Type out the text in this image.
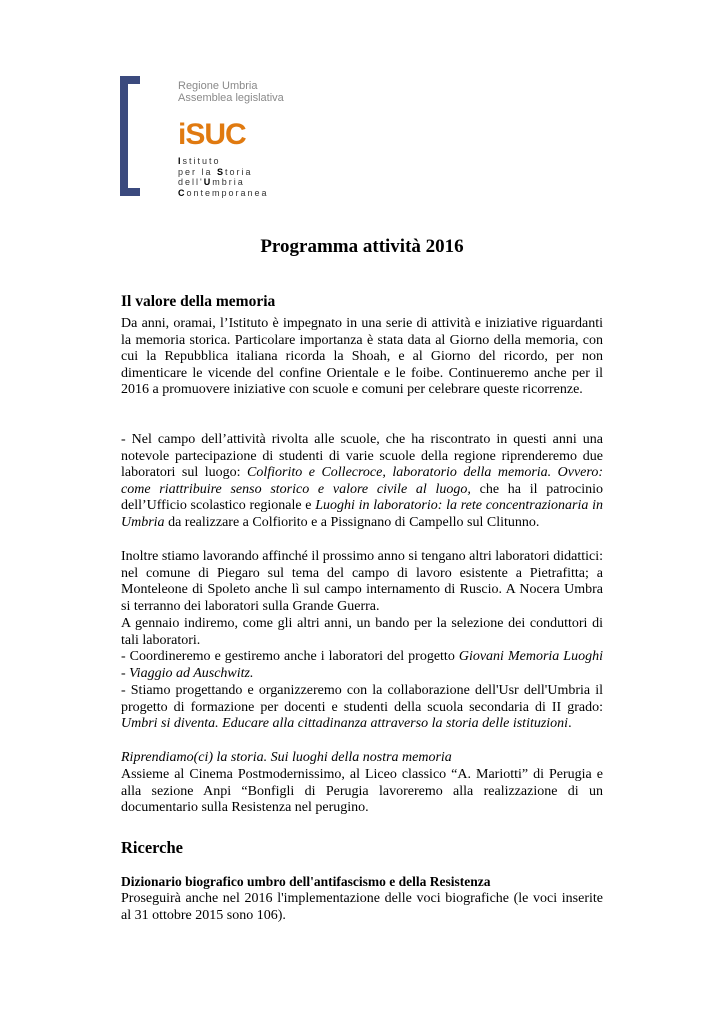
Regione Umbria
Assemblea legislativa
iSUC
Istituto
per la Storia
dell'Umbria
Contemporanea
Programma attività 2016
Il valore della memoria

Da anni, oramai, l’Istituto è impegnato in una serie di attività e iniziative riguardanti la memoria storica. Particolare importanza è stata data al Giorno della memoria, con cui la Repubblica italiana ricorda la Shoah, e al Giorno del ricordo, per non dimenticare le vicende del confine Orientale e le foibe. Continueremo anche per il 2016 a promuovere iniziative con scuole e comuni per celebrare queste ricorrenze.

- Nel campo dell’attività rivolta alle scuole, che ha riscontrato in questi anni una notevole partecipazione di studenti di varie scuole della regione riprenderemo due laboratori sul luogo: Colfiorito e Collecroce, laboratorio della memoria. Ovvero: come riattribuire senso storico e valore civile al luogo, che ha il patrocinio dell’Ufficio scolastico regionale e Luoghi in laboratorio: la rete concentrazionaria in Umbria da realizzare a Colfiorito e a Pissignano di Campello sul Clitunno.

Inoltre stiamo lavorando affinché il prossimo anno si tengano altri laboratori didattici: nel comune di Piegaro sul tema del campo di lavoro esistente a Pietrafitta; a Monteleone di Spoleto anche lì sul campo internamento di Ruscio. A Nocera Umbra si terranno dei laboratori sulla Grande Guerra.

A gennaio indiremo, come gli altri anni, un bando per la selezione dei conduttori di tali laboratori.

- Coordineremo e gestiremo anche i laboratori del progetto Giovani Memoria Luoghi - Viaggio ad Auschwitz.

- Stiamo progettando e organizzeremo con la collaborazione dell'Usr dell'Umbria il progetto di formazione per docenti e studenti della scuola secondaria di II grado: Umbri si diventa. Educare alla cittadinanza attraverso la storia delle istituzioni.

Riprendiamo(ci) la storia. Sui luoghi della nostra memoria

Assieme al Cinema Postmodernissimo, al Liceo classico “A. Mariotti” di Perugia e alla sezione Anpi “Bonfigli di Perugia lavoreremo alla realizzazione di un documentario sulla Resistenza nel perugino.

Ricerche
Dizionario biografico umbro dell'antifascismo e della Resistenza

Proseguirà anche nel 2016 l'implementazione delle voci biografiche (le voci inserite al 31 ottobre 2015 sono 106).
